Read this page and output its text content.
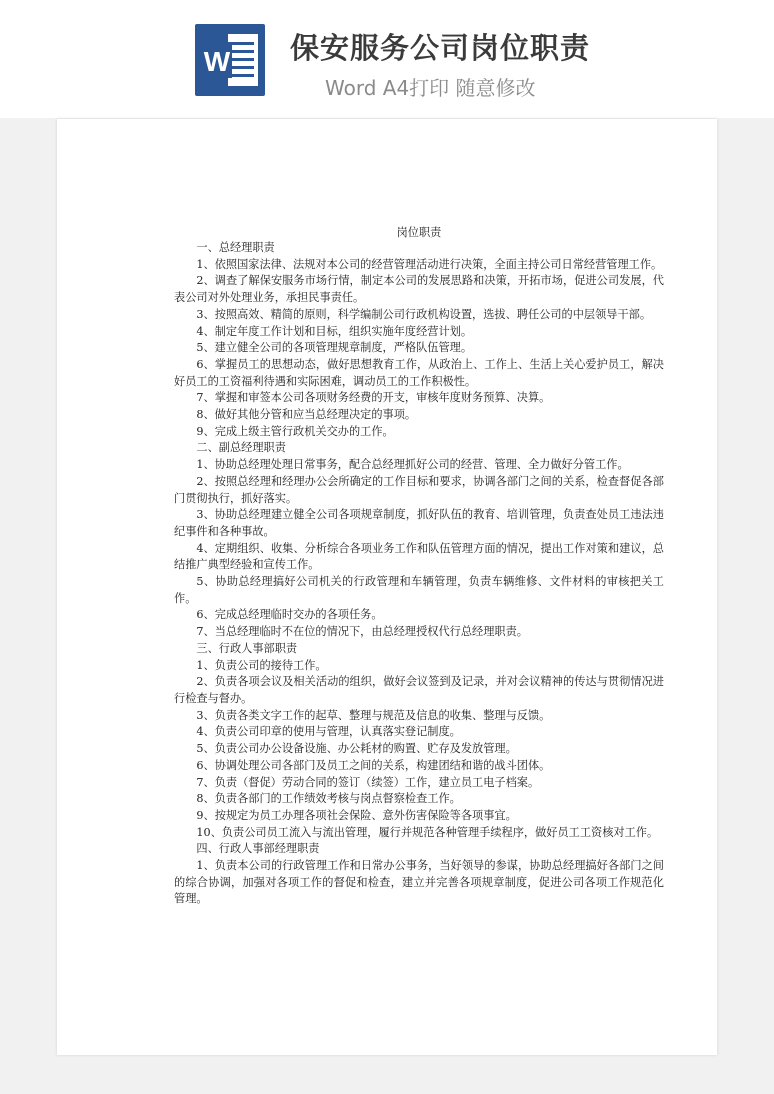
W 保安服务公司岗位职责
Word A4打印 随意修改
岗位职责

一、总经理职责

1、依照国家法律、法规对本公司的经营管理活动进行决策，全面主持公司日常经营管理工作。

2、调查了解保安服务市场行情，制定本公司的发展思路和决策，开拓市场，促进公司发展，代表公司对外处理业务，承担民事责任。

3、按照高效、精简的原则，科学编制公司行政机构设置，选拔、聘任公司的中层领导干部。

4、制定年度工作计划和目标，组织实施年度经营计划。

5、建立健全公司的各项管理规章制度，严格队伍管理。

6、掌握员工的思想动态，做好思想教育工作，从政治上、工作上、生活上关心爱护员工，解决好员工的工资福利待遇和实际困难，调动员工的工作积极性。

7、掌握和审签本公司各项财务经费的开支，审核年度财务预算、决算。

8、做好其他分管和应当总经理决定的事项。

9、完成上级主管行政机关交办的工作。

二、副总经理职责

1、协助总经理处理日常事务，配合总经理抓好公司的经营、管理、全力做好分管工作。

2、按照总经理和经理办公会所确定的工作目标和要求，协调各部门之间的关系，检查督促各部门贯彻执行，抓好落实。

3、协助总经理建立健全公司各项规章制度，抓好队伍的教育、培训管理，负责查处员工违法违纪事件和各种事故。

4、定期组织、收集、分析综合各项业务工作和队伍管理方面的情况，提出工作对策和建议，总结推广典型经验和宣传工作。

5、协助总经理搞好公司机关的行政管理和车辆管理，负责车辆维修、文件材料的审核把关工作。

6、完成总经理临时交办的各项任务。

7、当总经理临时不在位的情况下，由总经理授权代行总经理职责。

三、行政人事部职责

1、负责公司的接待工作。

2、负责各项会议及相关活动的组织，做好会议签到及记录，并对会议精神的传达与贯彻情况进行检查与督办。

3、负责各类文字工作的起草、整理与规范及信息的收集、整理与反馈。

4、负责公司印章的使用与管理，认真落实登记制度。

5、负责公司办公设备设施、办公耗材的购置、贮存及发放管理。

6、协调处理公司各部门及员工之间的关系，构建团结和谐的战斗团体。

7、负责（督促）劳动合同的签订（续签）工作，建立员工电子档案。

8、负责各部门的工作绩效考核与岗点督察检查工作。

9、按规定为员工办理各项社会保险、意外伤害保险等各项事宜。

10、负责公司员工流入与流出管理，履行并规范各种管理手续程序，做好员工工资核对工作。

四、行政人事部经理职责

1、负责本公司的行政管理工作和日常办公事务，当好领导的参谋，协助总经理搞好各部门之间的综合协调，加强对各项工作的督促和检查，建立并完善各项规章制度，促进公司各项工作规范化管理。
